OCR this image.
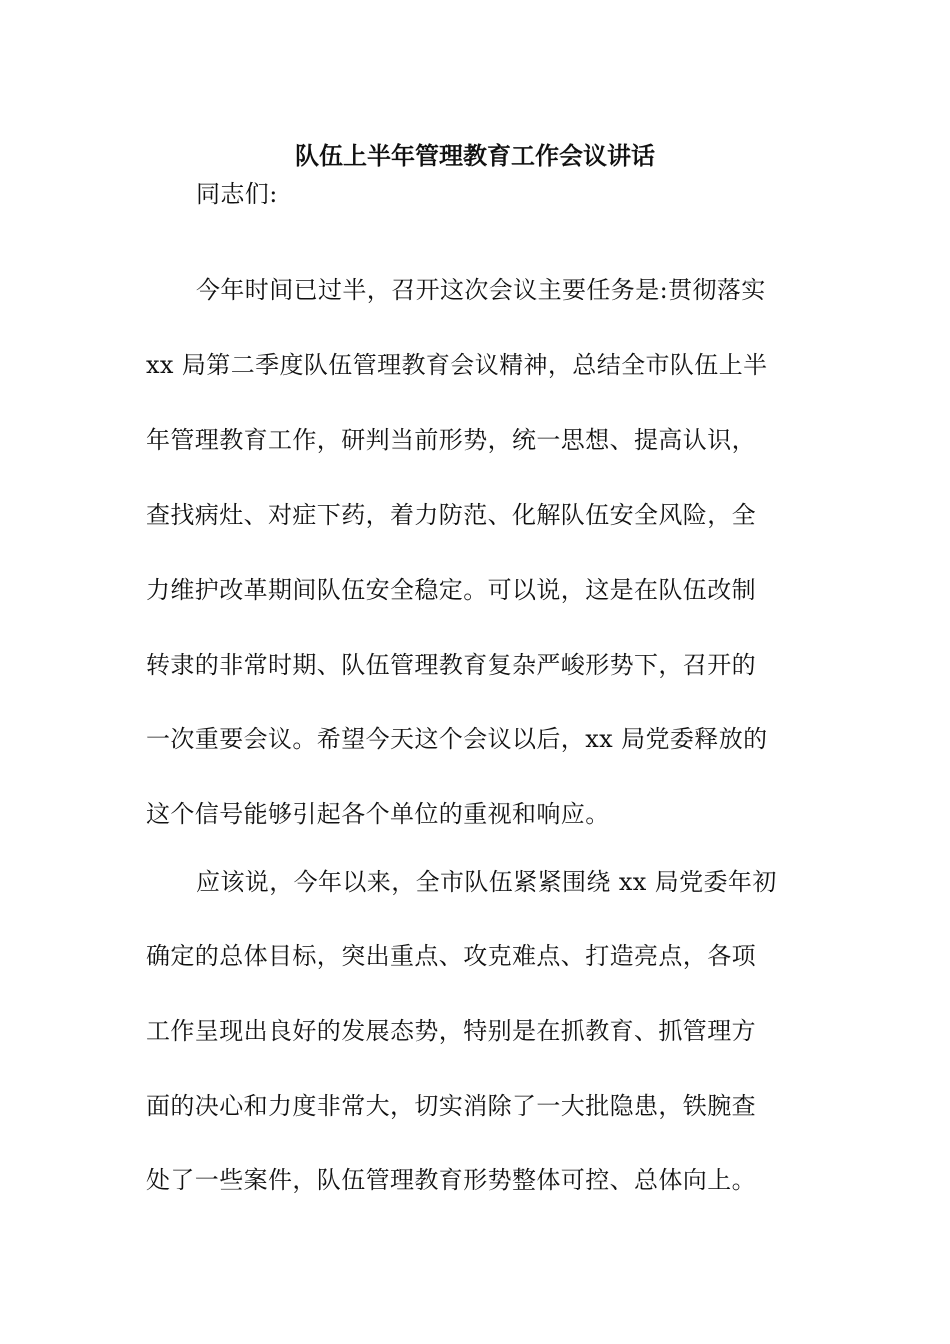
队伍上半年管理教育工作会议讲话
同志们:
今年时间已过半，召开这次会议主要任务是:贯彻落实
xx 局第二季度队伍管理教育会议精神，总结全市队伍上半
年管理教育工作，研判当前形势，统一思想、提高认识，
查找病灶、对症下药，着力防范、化解队伍安全风险，全
力维护改革期间队伍安全稳定。可以说，这是在队伍改制
转隶的非常时期、队伍管理教育复杂严峻形势下，召开的
一次重要会议。希望今天这个会议以后，xx 局党委释放的
这个信号能够引起各个单位的重视和响应。
应该说，今年以来，全市队伍紧紧围绕 xx 局党委年初
确定的总体目标，突出重点、攻克难点、打造亮点，各项
工作呈现出良好的发展态势，特别是在抓教育、抓管理方
面的决心和力度非常大，切实消除了一大批隐患，铁腕查
处了一些案件，队伍管理教育形势整体可控、总体向上。
